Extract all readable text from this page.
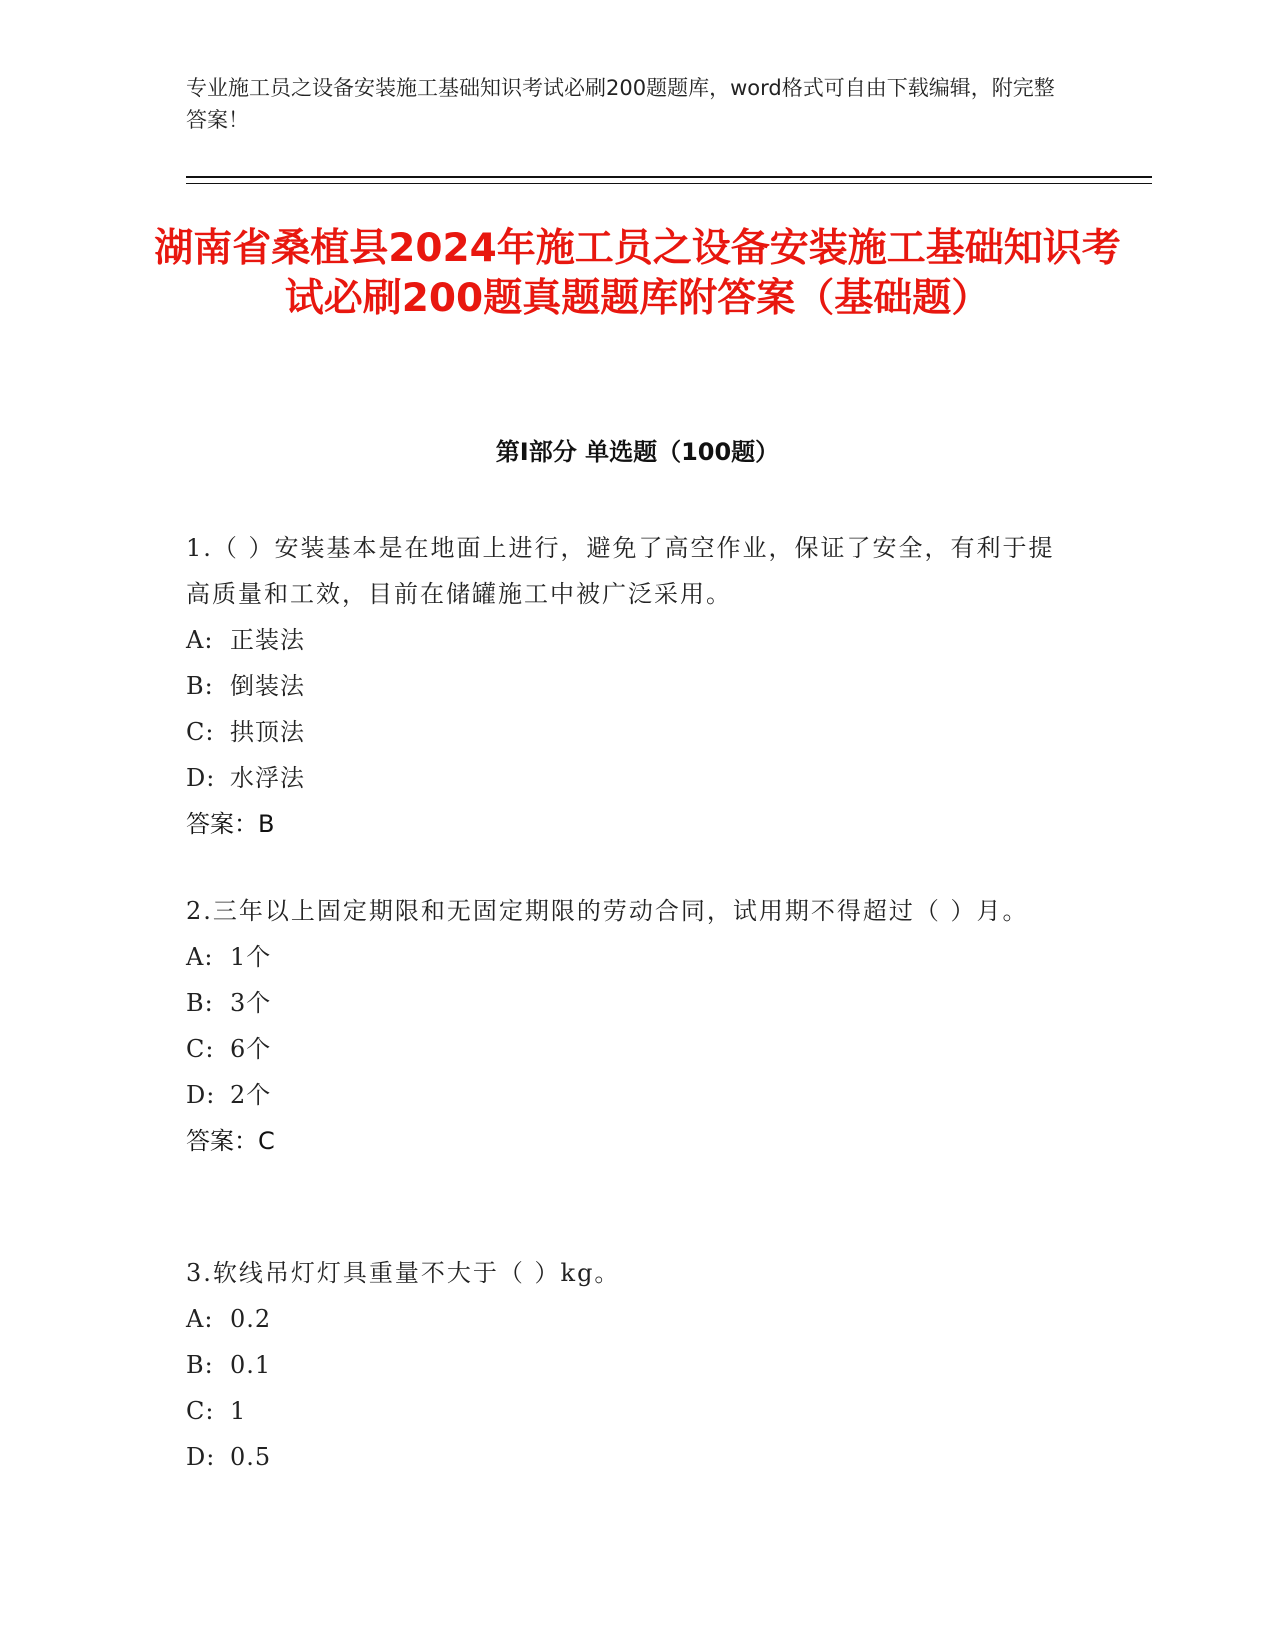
专业施工员之设备安装施工基础知识考试必刷200题题库，word格式可自由下载编辑，附完整答案！
湖南省桑植县2024年施工员之设备安装施工基础知识考试必刷200题真题题库附答案（基础题）
第Ⅰ部分 单选题（100题）
1.（ ）安装基本是在地面上进行，避免了高空作业，保证了安全，有利于提高质量和工效，目前在储罐施工中被广泛采用。
A: 正装法
B: 倒装法
C: 拱顶法
D: 水浮法
答案：B
2.三年以上固定期限和无固定期限的劳动合同，试用期不得超过（ ）月。
A: 1个
B: 3个
C: 6个
D: 2个
答案：C
3.软线吊灯灯具重量不大于（ ）kg。
A: 0.2
B: 0.1
C: 1
D: 0.5
